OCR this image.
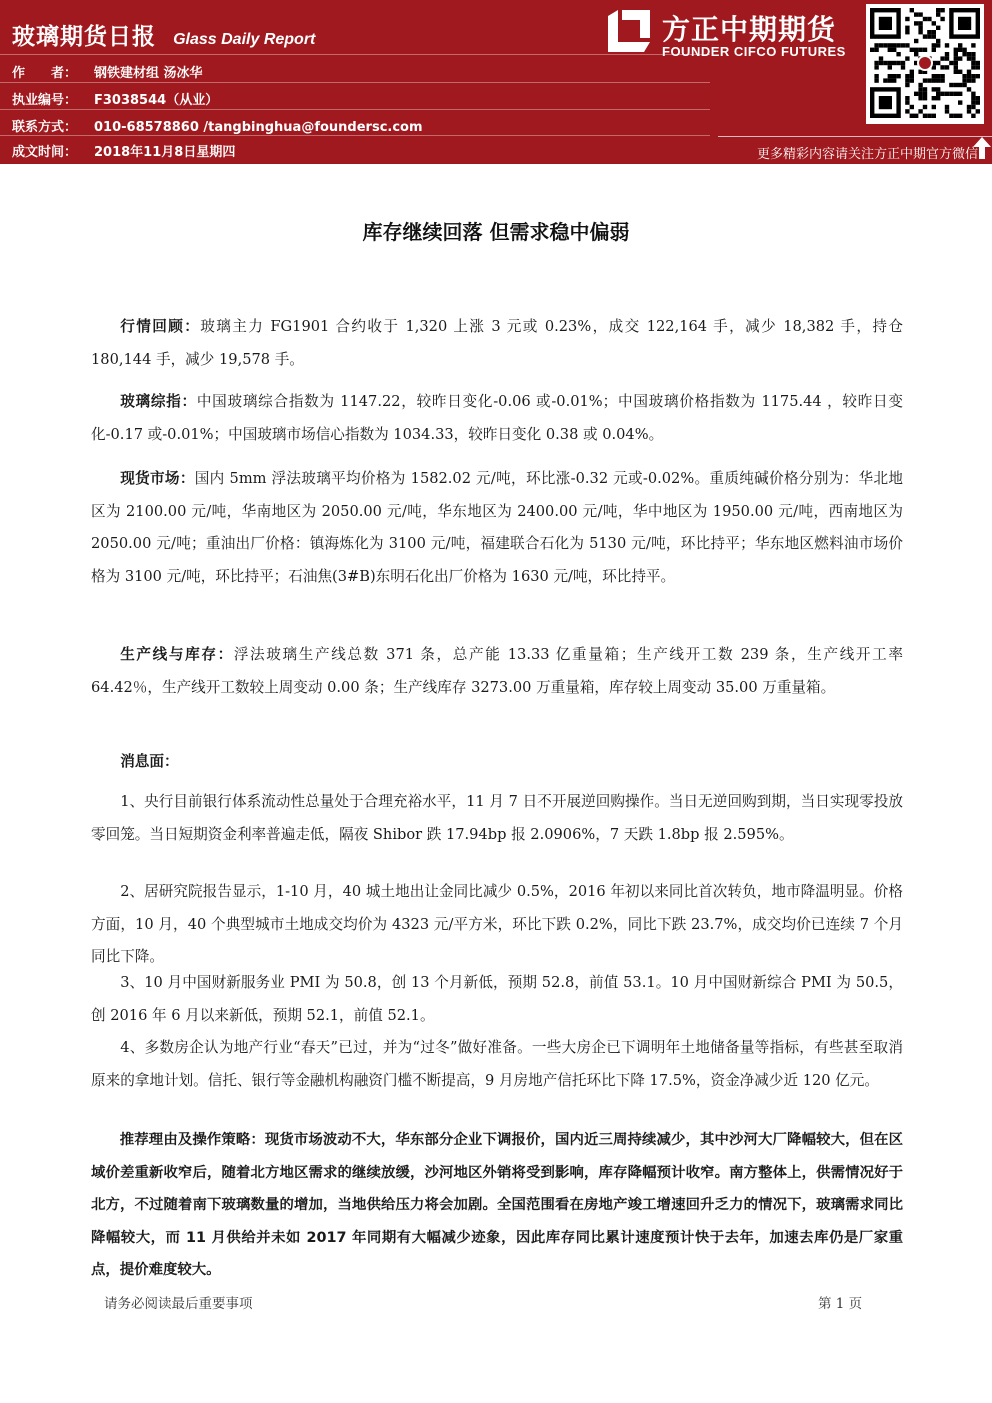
玻璃期货日报 Glass Daily Report
作　　者： 钢铁建材组 汤冰华
执业编号： F3038544（从业）
联系方式： 010-68578860 /tangbinghua@foundersc.com
成文时间： 2018年11月8日星期四
方正中期期货
FOUNDER CIFCO FUTURES
更多精彩内容请关注方正中期官方微信
库存继续回落 但需求稳中偏弱
行情回顾：玻璃主力 FG1901 合约收于 1,320 上涨 3 元或 0.23%，成交 122,164 手，减少 18,382 手，持仓 180,144 手，减少 19,578 手。
玻璃综指：中国玻璃综合指数为 1147.22，较昨日变化-0.06 或-0.01%；中国玻璃价格指数为 1175.44 ，较昨日变化-0.17 或-0.01%；中国玻璃市场信心指数为 1034.33，较昨日变化 0.38 或 0.04%。
现货市场：国内 5mm 浮法玻璃平均价格为 1582.02 元/吨，环比涨-0.32 元或-0.02%。重质纯碱价格分别为：华北地区为 2100.00 元/吨，华南地区为 2050.00 元/吨，华东地区为 2400.00 元/吨，华中地区为 1950.00 元/吨，西南地区为 2050.00 元/吨；重油出厂价格：镇海炼化为 3100 元/吨，福建联合石化为 5130 元/吨，环比持平；华东地区燃料油市场价格为 3100 元/吨，环比持平；石油焦(3#B)东明石化出厂价格为 1630 元/吨，环比持平。
生产线与库存：浮法玻璃生产线总数 371 条，总产能 13.33 亿重量箱；生产线开工数 239 条，生产线开工率 64.42％，生产线开工数较上周变动 0.00 条；生产线库存 3273.00 万重量箱，库存较上周变动 35.00 万重量箱。
消息面：
1、央行目前银行体系流动性总量处于合理充裕水平，11 月 7 日不开展逆回购操作。当日无逆回购到期，当日实现零投放零回笼。当日短期资金利率普遍走低，隔夜 Shibor 跌 17.94bp 报 2.0906%，7 天跌 1.8bp 报 2.595%。
2、居研究院报告显示，1-10 月，40 城土地出让金同比减少 0.5%，2016 年初以来同比首次转负，地市降温明显。价格方面，10 月，40 个典型城市土地成交均价为 4323 元/平方米，环比下跌 0.2%，同比下跌 23.7%，成交均价已连续 7 个月同比下降。
3、10 月中国财新服务业 PMI 为 50.8，创 13 个月新低，预期 52.8，前值 53.1。10 月中国财新综合 PMI 为 50.5，创 2016 年 6 月以来新低，预期 52.1，前值 52.1。
4、多数房企认为地产行业“春天”已过，并为“过冬”做好准备。一些大房企已下调明年土地储备量等指标，有些甚至取消原来的拿地计划。信托、银行等金融机构融资门槛不断提高，9 月房地产信托环比下降 17.5%，资金净减少近 120 亿元。
推荐理由及操作策略：现货市场波动不大，华东部分企业下调报价，国内近三周持续减少，其中沙河大厂降幅较大，但在区域价差重新收窄后，随着北方地区需求的继续放缓，沙河地区外销将受到影响，库存降幅预计收窄。南方整体上，供需情况好于北方，不过随着南下玻璃数量的增加，当地供给压力将会加剧。全国范围看在房地产竣工增速回升乏力的情况下，玻璃需求同比降幅较大，而 11 月供给并未如 2017 年同期有大幅减少迹象，因此库存同比累计速度预计快于去年，加速去库仍是厂家重点，提价难度较大。
请务必阅读最后重要事项	第 1 页
